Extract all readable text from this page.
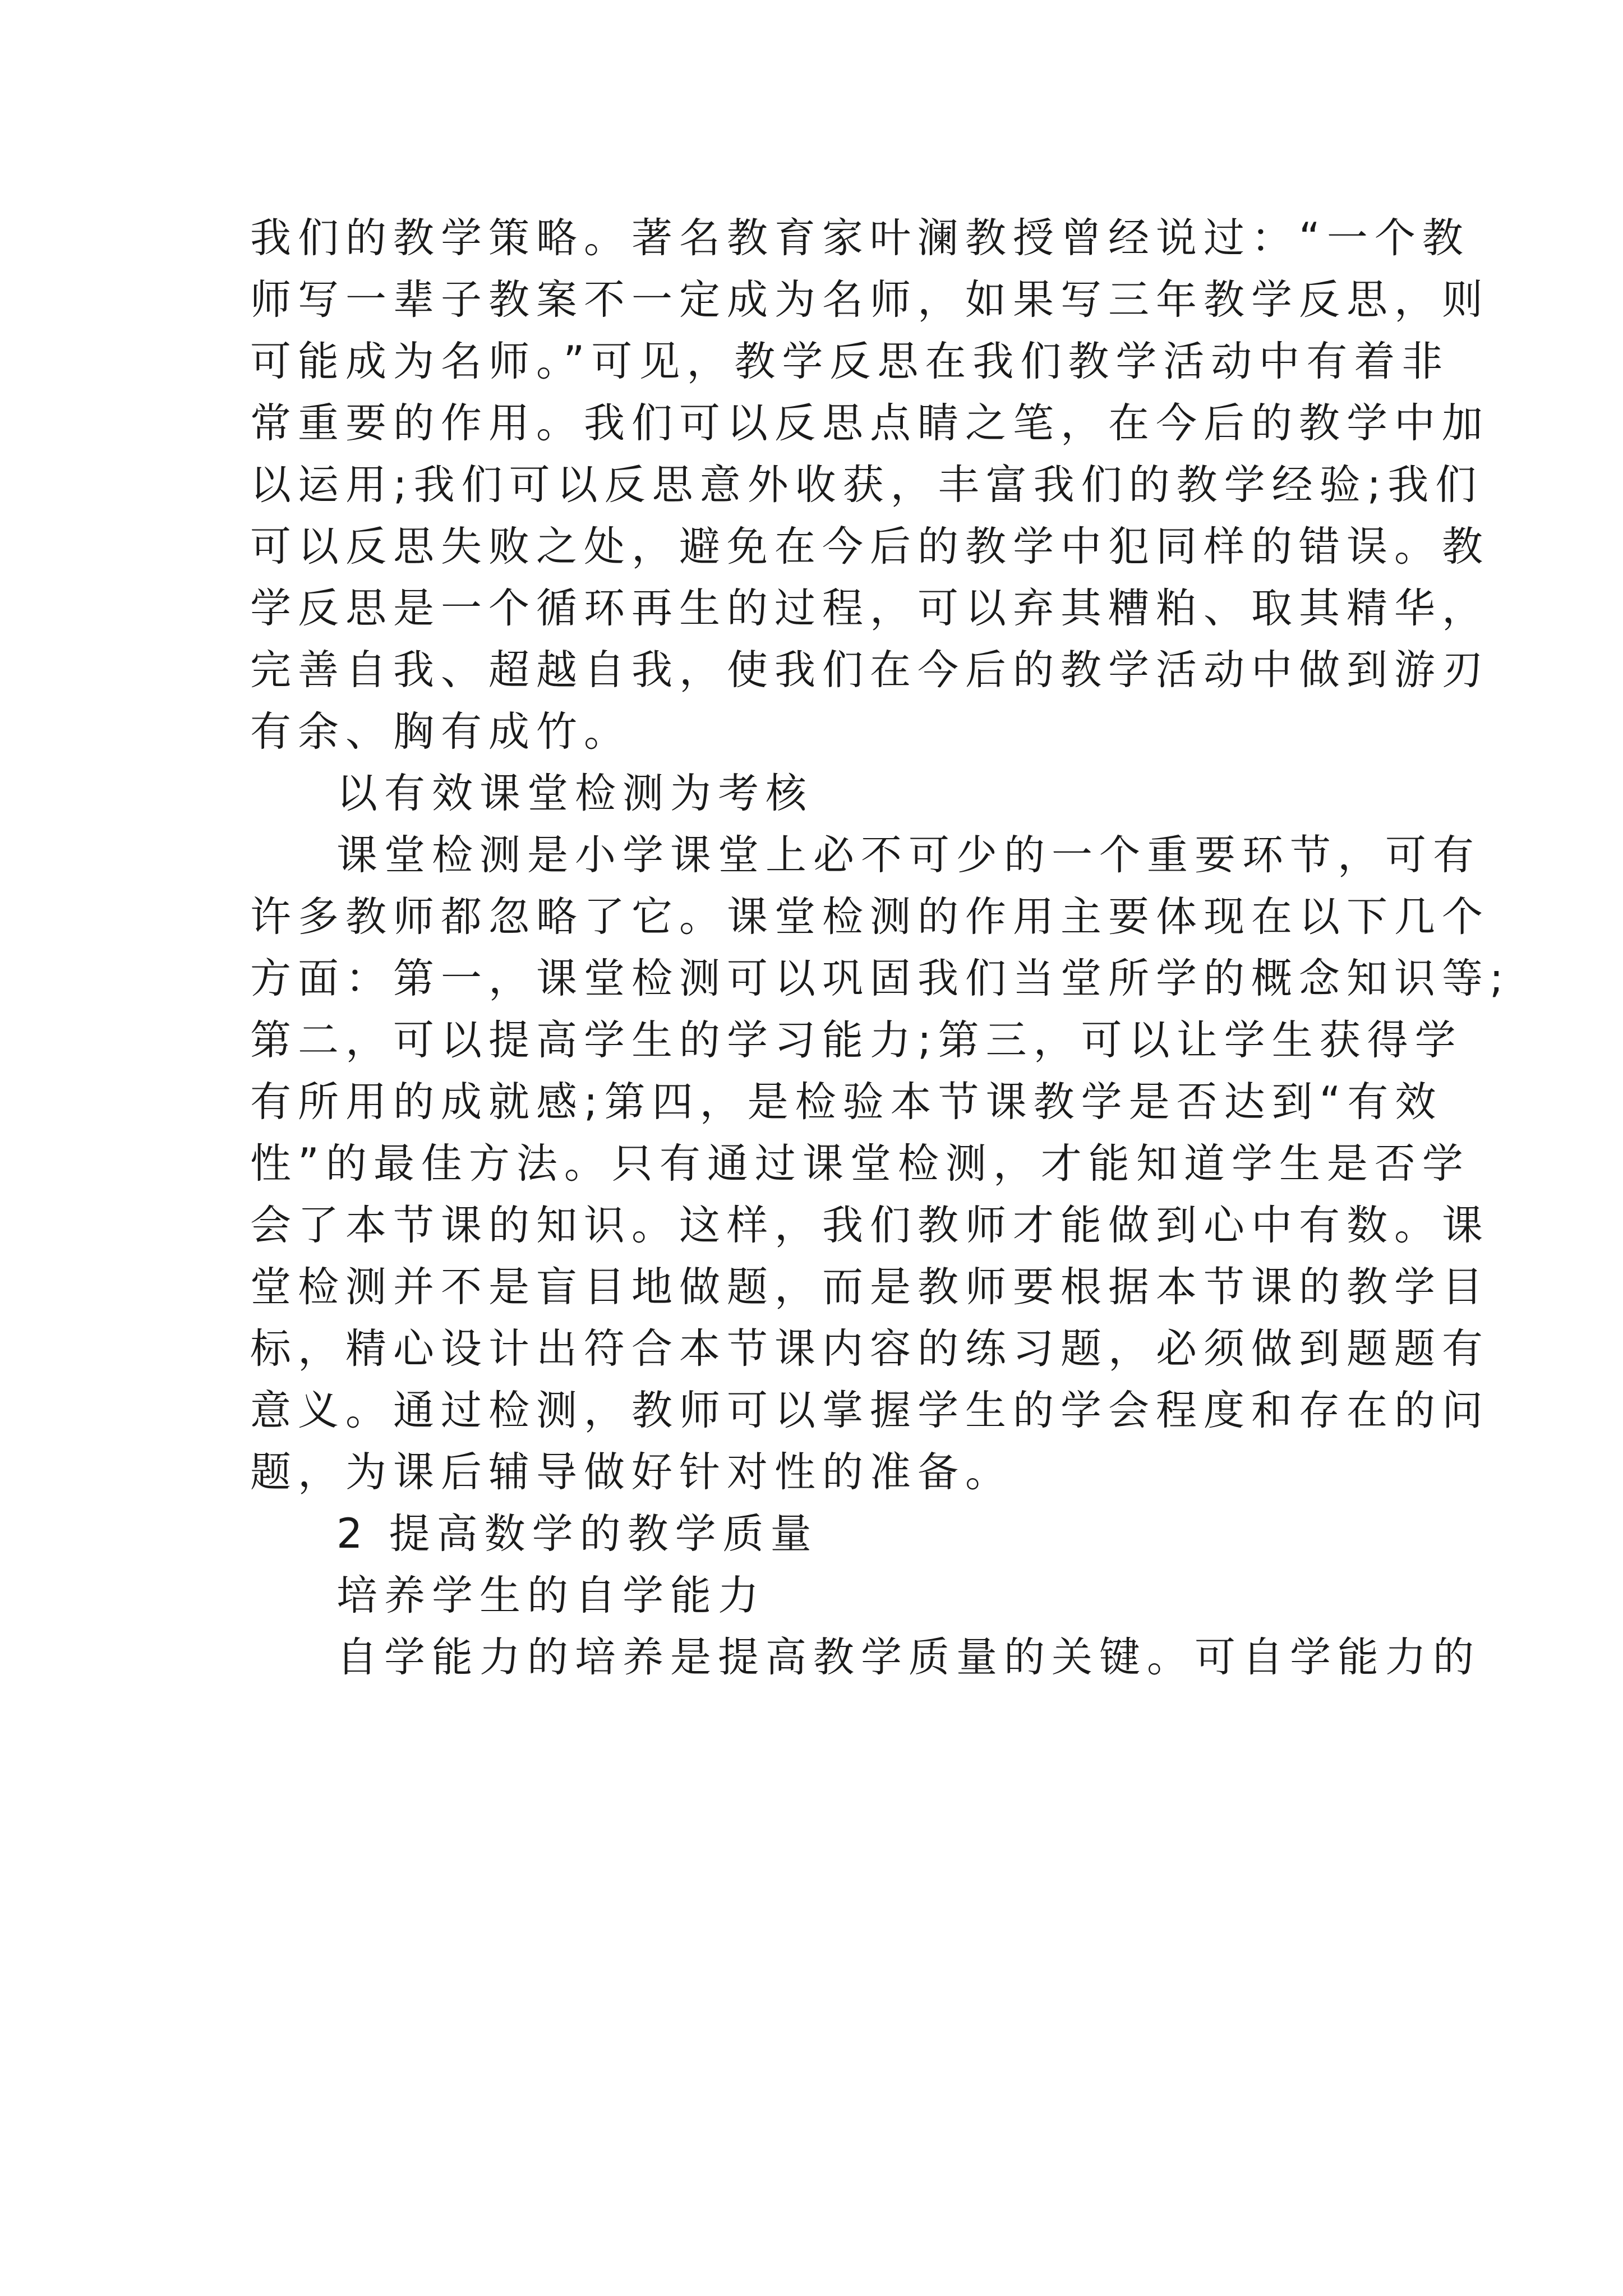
我们的教学策略。著名教育家叶澜教授曾经说过：“一个教
师写一辈子教案不一定成为名师，如果写三年教学反思，则
可能成为名师。”可见，教学反思在我们教学活动中有着非
常重要的作用。我们可以反思点睛之笔，在今后的教学中加
以运用;我们可以反思意外收获，丰富我们的教学经验;我们
可以反思失败之处，避免在今后的教学中犯同样的错误。教
学反思是一个循环再生的过程，可以弃其糟粕、取其精华，
完善自我、超越自我，使我们在今后的教学活动中做到游刃
有余、胸有成竹。
以有效课堂检测为考核
课堂检测是小学课堂上必不可少的一个重要环节，可有
许多教师都忽略了它。课堂检测的作用主要体现在以下几个
方面：第一，课堂检测可以巩固我们当堂所学的概念知识等;
第二，可以提高学生的学习能力;第三，可以让学生获得学
有所用的成就感;第四，是检验本节课教学是否达到“有效
性”的最佳方法。只有通过课堂检测，才能知道学生是否学
会了本节课的知识。这样，我们教师才能做到心中有数。课
堂检测并不是盲目地做题，而是教师要根据本节课的教学目
标，精心设计出符合本节课内容的练习题，必须做到题题有
意义。通过检测，教师可以掌握学生的学会程度和存在的问
题，为课后辅导做好针对性的准备。
2 提高数学的教学质量
培养学生的自学能力
自学能力的培养是提高教学质量的关键。可自学能力的
